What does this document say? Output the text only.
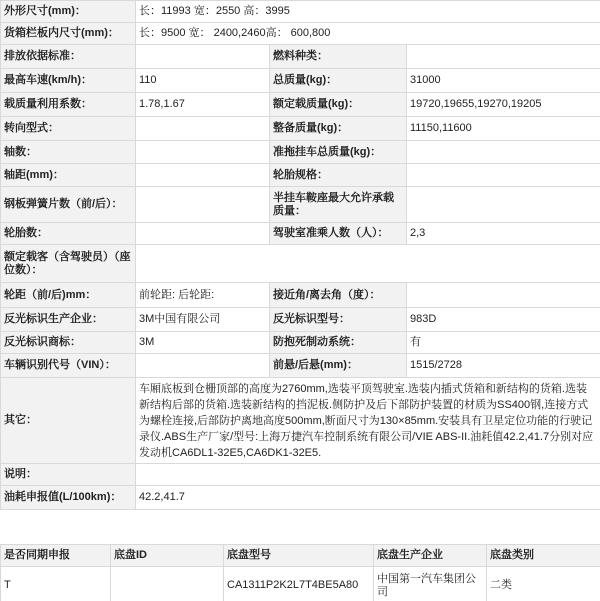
外形尺寸(mm)：	长：11993 宽：2550 高：3995		
货箱栏板内尺寸(mm)：	长：9500 宽： 2400,2460高： 600,800		
排放依据标准：		燃料种类：	
最高车速(km/h)：	110	总质量(kg)：	31000
载质量利用系数：	1.78,1.67	额定载质量(kg)：	19720,19655,19270,19205
转向型式：		整备质量(kg)：	11150,11600
轴数：		准拖挂车总质量(kg)：	
轴距(mm)：		轮胎规格：	
钢板弹簧片数（前/后）：		半挂车鞍座最大允许承载质量：	
轮胎数：		驾驶室准乘人数（人）：	2,3
额定载客（含驾驶员）（座位数）：			
轮距（前/后)mm：	前轮距: 后轮距:	接近角/离去角（度）：	
反光标识生产企业：	3M中国有限公司	反光标识型号：	983D
反光标识商标：	3M	防抱死制动系统：	有
车辆识别代号（VIN）：		前悬/后悬(mm)：	1515/2728
其它：	车厢底板到仓栅顶部的高度为2760mm,选装平顶驾驶室.选装内插式货箱和新结构的货箱.选装新结构后部的货箱.选装新结构的挡泥板.侧防护及后下部防护装置的材质为SS400钢,连接方式为螺栓连接,后部防护离地高度500mm,断面尺寸为130×85mm.安装具有卫星定位功能的行驶记录仪.ABS生产厂家/型号:上海万捷汽车控制系统有限公司/VIE ABS-II.油耗值42.2,41.7分别对应发动机CA6DL1-32E5,CA6DK1-32E5.		
说明：			
油耗申报值(L/100km)：	42.2,41.7		
是否同期申报	底盘ID	底盘型号	底盘生产企业	底盘类别
T		CA1311P2K2L7T4BE5A80	中国第一汽车集团公司	二类
